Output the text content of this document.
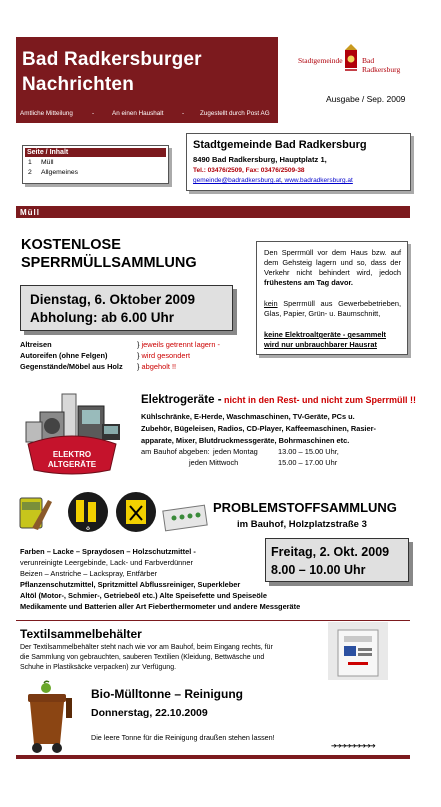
Bad Radkersburger
Nachrichten
Amtliche Mitteilung	-	An einen Haushalt	-	Zugestellt durch Post AG
Stadtgemeinde	Bad Radkersburg
Ausgabe / Sep. 2009
Seite / Inhalt
1 Müll
2 Allgemeines
Stadtgemeinde Bad Radkersburg
8490 Bad Radkersburg, Hauptplatz 1,
Tel.: 03476/2509, Fax: 03476/2509-38
gemeinde@badradkersburg.at, www.badradkersburg.at
Müll
KOSTENLOSE
SPERRMÜLLSAMMLUNG
Dienstag, 6. Oktober 2009
Abholung: ab 6.00 Uhr
Den Sperrmüll vor dem Haus bzw. auf dem Gehsteig lagern und so, dass der Verkehr nicht behindert wird, jedoch frühestens am Tag davor.
kein Sperrmüll aus Gewerbebetrieben, Glas, Papier, Grün- u. Baumschnitt,
keine Elektroaltgeräte - gesammelt wird nur unbrauchbarer Hausrat
Altreisen	} jeweils getrennt lagern -
Autoreifen (ohne Felgen)	} wird gesondert
Gegenstände/Möbel aus Holz } abgeholt !!
ELEKTRO
ALTGERÄTE
Elektrogeräte - nicht in den Rest- und nicht zum Sperrmüll !!
Kühlschränke, E-Herde, Waschmaschinen, TV-Geräte, PCs u.
Zubehör, Bügeleisen, Radios, CD-Player, Kaffeemaschinen, Rasier-
apparate, Mixer, Blutdruckmessgeräte, Bohrmaschinen etc.
am Bauhof abgeben: jeden Montag	13.00 – 15.00 Uhr,
jeden Mittwoch	15.00 – 17.00 Uhr
♻
PROBLEMSTOFFSAMMLUNG
im Bauhof, Holzplatzstraße 3
Freitag, 2. Okt. 2009
8.00 – 10.00 Uhr
Farben – Lacke – Spraydosen – Holzschutzmittel -
verunreinigte Leergebinde, Lack- und Farbverdünner
Beizen – Anstriche – Lackspray, Entfärber
Pflanzenschutzmittel, Spritzmittel Abflussreiniger, Superkleber
Altöl (Motor-, Schmier-, Getriebeöl etc.) Alte Speisefette und Speiseöle
Medikamente und Batterien aller Art Fieberthermometer und andere Messgeräte
Textilsammelbehälter
Der Textilsammelbehälter steht nach wie vor am Bauhof, beim Eingang rechts, für
die Sammlung von gebrauchten, sauberen Textilien (Kleidung, Bettwäsche und
Schuhe in Plastiksäcke verpacken) zur Verfügung.
Bio-Mülltonne – Reinigung
Donnerstag, 22.10.2009
Die leere Tonne für die Reinigung draußen stehen lassen!
➔➔➔➔➔➔➔➔➔
